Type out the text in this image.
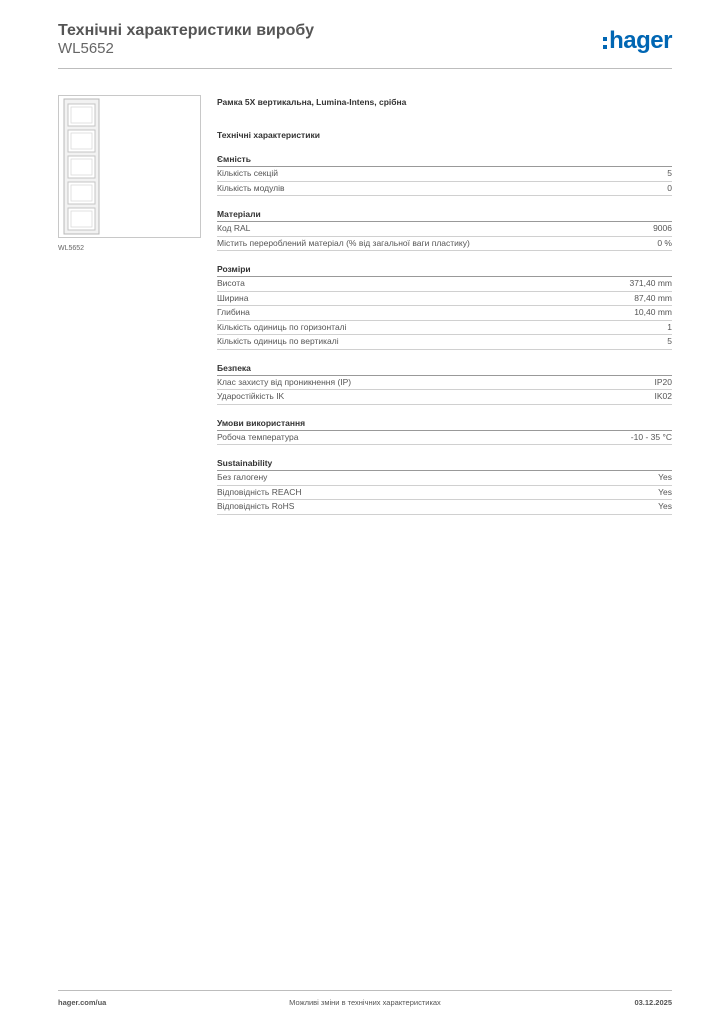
Технічні характеристики виробу
WL5652	hager
WL5652
Рамка 5X вертикальна, Lumina-Intens, срібна
Технічні характеристики
Ємність
Кількість секцій	5
Кількість модулів	0
Матеріали
Код RAL	9006
Містить перероблений матеріал (% від загальної ваги пластику)	0 %
Розміри
Висота	371,40 mm
Ширина	87,40 mm
Глибина	10,40 mm
Кількість одиниць по горизонталі	1
Кількість одиниць по вертикалі	5
Безпека
Клас захисту від проникнення (IP)	IP20
Ударостійкість IK	IK02
Умови використання
Робоча температура	-10 - 35 °C
Sustainability
Без галогену	Yes
Відповідність REACH	Yes
Відповідність RoHS	Yes
hager.com/ua	Можливі зміни в технічних характеристиках	03.12.2025
